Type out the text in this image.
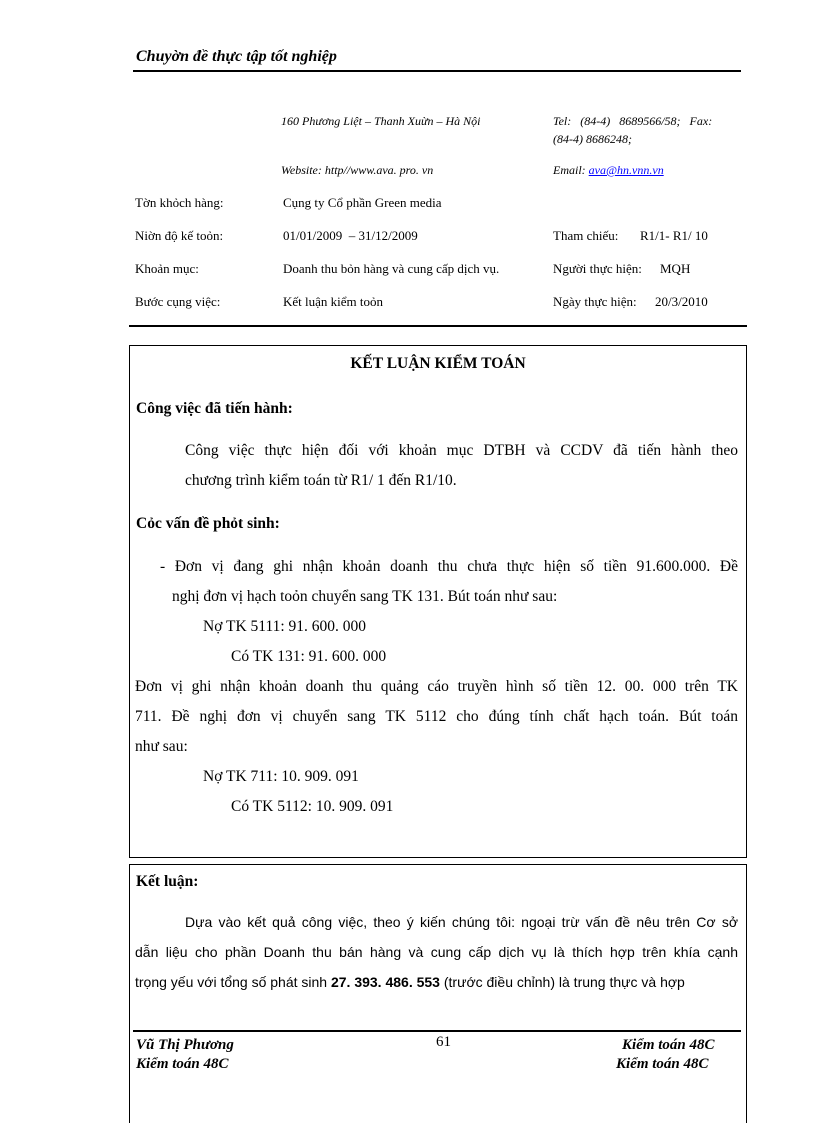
Chuyờn đề thực tập tốt nghiệp
160 Phương Liệt – Thanh Xuừn – Hà Nội	Tel:   (84-4)   8689566/58;   Fax:
(84-4) 8686248;
Website: http//www.ava. pro. vn	Email: ava@hn.vnn.vn
Tờn khỏch hàng:	Cụng ty Cổ phần Green media
Niờn độ kế toỏn:	01/01/2009  – 31/12/2009	Tham chiếu: R1/1- R1/ 10
Khoản mục:	Doanh thu bỏn hàng và cung cấp dịch vụ.	Người thực hiện: MQH
Bước cụng việc:	Kết luận kiểm toỏn	Ngày thực hiện: 20/3/2010
KẾT LUẬN KIỂM TOÁN
Công việc đã tiến hành:
Công việc thực hiện đối với khoản mục DTBH và CCDV đã tiến hành theo
chương trình kiểm toán từ R1/ 1 đến R1/10.
Cỏc vấn đề phỏt sinh:
- Đơn vị đang ghi nhận khoản doanh thu chưa thực hiện số tiền 91.600.000. Đề
nghị đơn vị hạch toỏn chuyển sang TK 131. Bút toán như sau:
Nợ TK 5111: 91. 600. 000
Có TK 131: 91. 600. 000
Đơn vị ghi nhận khoản doanh thu quảng cáo truyền hình số tiền 12. 00. 000 trên TK
711. Đề nghị đơn vị chuyển sang TK 5112 cho đúng tính chất hạch toán. Bút toán
như sau:
Nợ TK 711: 10. 909. 091
Có TK 5112: 10. 909. 091
Kết luận:
Dựa vào kết quả công việc, theo ý kiến chúng tôi: ngoại trừ vấn đề nêu trên Cơ sở
dẫn liệu cho phần Doanh thu bán hàng và cung cấp dịch vụ là thích hợp trên khía cạnh
trọng yếu với tổng số phát sinh 27. 393. 486. 553 (trước điều chỉnh) là trung thực và hợp
Vũ Thị Phương
Kiểm toán 48C
61	Kiểm toán 48C
Kiểm toán 48C
